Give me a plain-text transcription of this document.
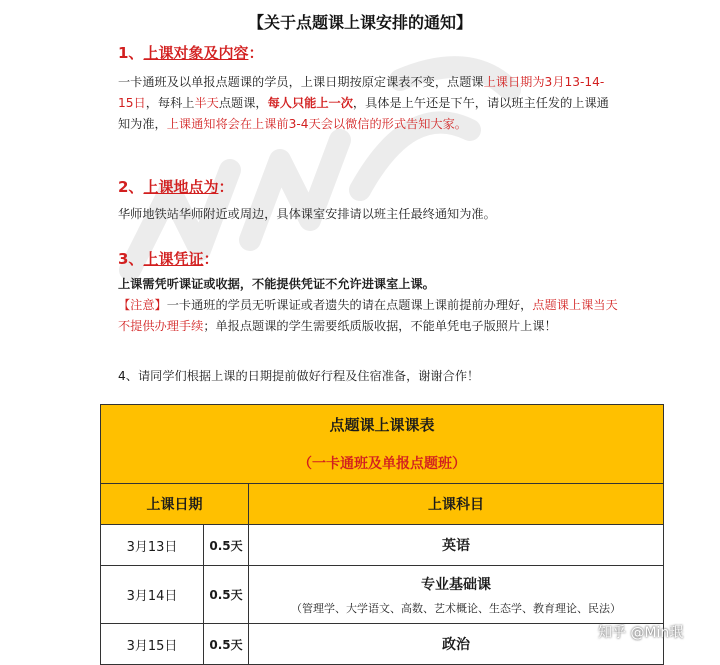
【关于点题课上课安排的通知】
1、上课对象及内容：
一卡通班及以单报点题课的学员，上课日期按原定课表不变，点题课上课日期为3月13-14-15日，每科上半天点题课，每人只能上一次，具体是上午还是下午，请以班主任发的上课通知为准，上课通知将会在上课前3-4天会以微信的形式告知大家。
2、上课地点为：
华师地铁站华师附近或周边，具体课室安排请以班主任最终通知为准。
3、上课凭证：
上课需凭听课证或收据，不能提供凭证不允许进课室上课。
【注意】一卡通班的学员无听课证或者遗失的请在点题课上课前提前办理好，点题课上课当天不提供办理手续；单报点题课的学生需要纸质版收据，不能单凭电子版照片上课！
4、请同学们根据上课的日期提前做好行程及住宿准备，谢谢合作！
点题课上课课表		
（一卡通班及单报点题班）		
上课日期		上课科目
3月13日	0.5天	英语
3月14日	0.5天	专业基础课
（管理学、大学语文、高数、艺术概论、生态学、教育理论、民法）

3月15日	0.5天	政治
知乎 @Min珉
